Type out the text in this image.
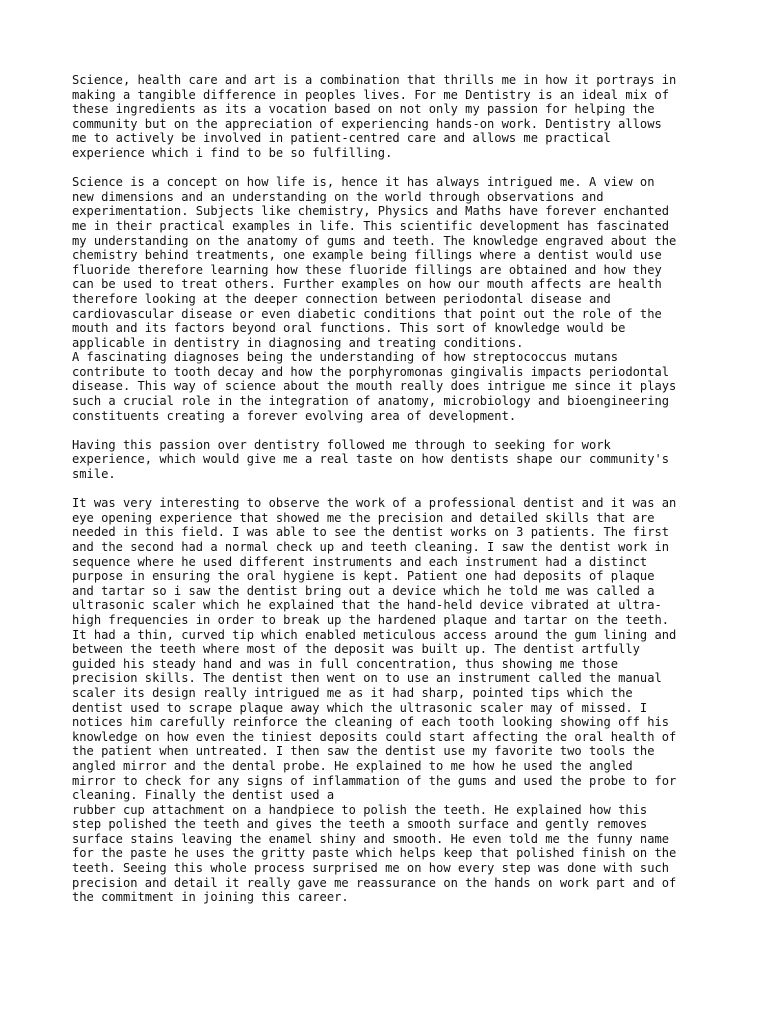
Science, health care and art is a combination that thrills me in how it portrays in
making a tangible difference in peoples lives. For me Dentistry is an ideal mix of
these ingredients as its a vocation based on not only my passion for helping the
community but on the appreciation of experiencing hands-on work. Dentistry allows
me to actively be involved in patient-centred care and allows me practical
experience which i find to be so fulfilling.
Science is a concept on how life is, hence it has always intrigued me. A view on
new dimensions and an understanding on the world through observations and
experimentation. Subjects like chemistry, Physics and Maths have forever enchanted
me in their practical examples in life. This scientific development has fascinated
my understanding on the anatomy of gums and teeth. The knowledge engraved about the
chemistry behind treatments, one example being fillings where a dentist would use
fluoride therefore learning how these fluoride fillings are obtained and how they
can be used to treat others. Further examples on how our mouth affects are health
therefore looking at the deeper connection between periodontal disease and
cardiovascular disease or even diabetic conditions that point out the role of the
mouth and its factors beyond oral functions. This sort of knowledge would be
applicable in dentistry in diagnosing and treating conditions.
A fascinating diagnoses being the understanding of how streptococcus mutans
contribute to tooth decay and how the porphyromonas gingivalis impacts periodontal
disease. This way of science about the mouth really does intrigue me since it plays
such a crucial role in the integration of anatomy, microbiology and bioengineering
constituents creating a forever evolving area of development.
Having this passion over dentistry followed me through to seeking for work
experience, which would give me a real taste on how dentists shape our community's
smile.
It was very interesting to observe the work of a professional dentist and it was an
eye opening experience that showed me the precision and detailed skills that are
needed in this field. I was able to see the dentist works on 3 patients. The first
and the second had a normal check up and teeth cleaning. I saw the dentist work in
sequence where he used different instruments and each instrument had a distinct
purpose in ensuring the oral hygiene is kept. Patient one had deposits of plaque
and tartar so i saw the dentist bring out a device which he told me was called a
ultrasonic scaler which he explained that the hand-held device vibrated at ultra-
high frequencies in order to break up the hardened plaque and tartar on the teeth.
It had a thin, curved tip which enabled meticulous access around the gum lining and
between the teeth where most of the deposit was built up. The dentist artfully
guided his steady hand and was in full concentration, thus showing me those
precision skills. The dentist then went on to use an instrument called the manual
scaler its design really intrigued me as it had sharp, pointed tips which the
dentist used to scrape plaque away which the ultrasonic scaler may of missed. I
notices him carefully reinforce the cleaning of each tooth looking showing off his
knowledge on how even the tiniest deposits could start affecting the oral health of
the patient when untreated. I then saw the dentist use my favorite two tools the
angled mirror and the dental probe. He explained to me how he used the angled
mirror to check for any signs of inflammation of the gums and used the probe to for
cleaning. Finally the dentist used a
rubber cup attachment on a handpiece to polish the teeth. He explained how this
step polished the teeth and gives the teeth a smooth surface and gently removes
surface stains leaving the enamel shiny and smooth. He even told me the funny name
for the paste he uses the gritty paste which helps keep that polished finish on the
teeth. Seeing this whole process surprised me on how every step was done with such
precision and detail it really gave me reassurance on the hands on work part and of
the commitment in joining this career.
